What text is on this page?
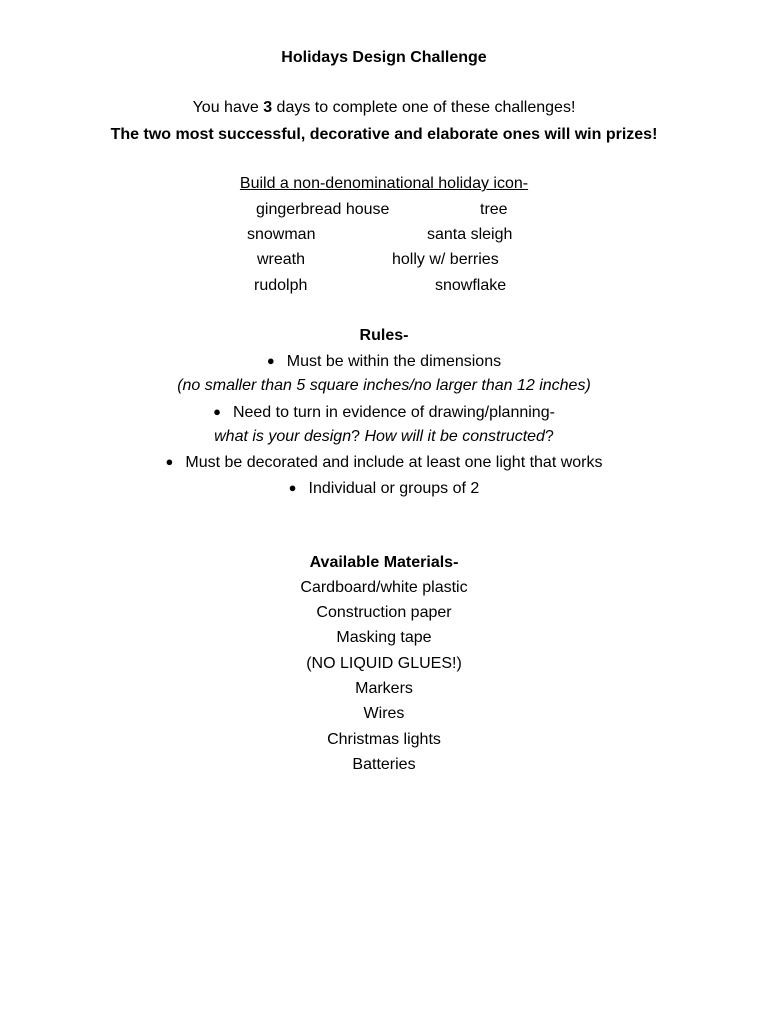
Holidays Design Challenge
You have 3 days to complete one of these challenges!
The two most successful, decorative and elaborate ones will win prizes!
Build a non-denominational holiday icon-
gingerbread house	tree
snowman	santa sleigh
wreath	holly w/ berries
rudolph	snowflake
Rules-
● Must be within the dimensions
(no smaller than 5 square inches/no larger than 12 inches)
● Need to turn in evidence of drawing/planning-
what is your design? How will it be constructed?
● Must be decorated and include at least one light that works
● Individual or groups of 2
Available Materials-
Cardboard/white plastic
Construction paper
Masking tape
(NO LIQUID GLUES!)
Markers
Wires
Christmas lights
Batteries
